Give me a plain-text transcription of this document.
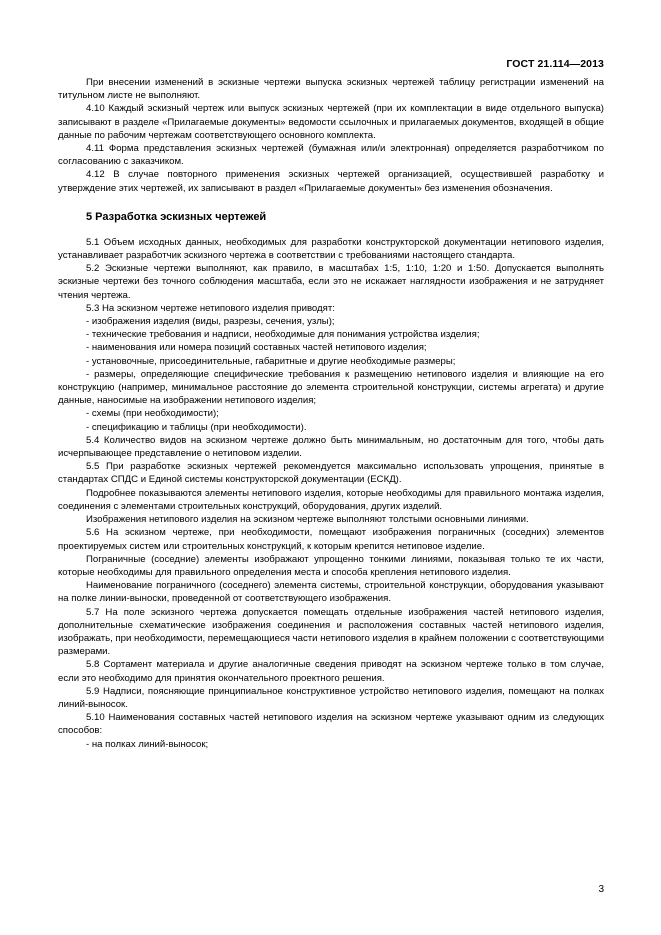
ГОСТ 21.114—2013

При внесении изменений в эскизные чертежи выпуска эскизных чертежей таблицу регистрации изменений на титульном листе не выполняют.

4.10 Каждый эскизный чертеж или выпуск эскизных чертежей (при их комплектации в виде отдельного выпуска) записывают в разделе «Прилагаемые документы» ведомости ссылочных и прилагаемых документов, входящей в общие данные по рабочим чертежам соответствующего основного комплекта.

4.11 Форма представления эскизных чертежей (бумажная или/и электронная) определяется разработчиком по согласованию с заказчиком.

4.12 В случае повторного применения эскизных чертежей организацией, осуществившей разработку и утверждение этих чертежей, их записывают в раздел «Прилагаемые документы» без изменения обозначения.

5 Разработка эскизных чертежей

5.1 Объем исходных данных, необходимых для разработки конструкторской документации нетипового изделия, устанавливает разработчик эскизного чертежа в соответствии с требованиями настоящего стандарта.

5.2 Эскизные чертежи выполняют, как правило, в масштабах 1:5, 1:10, 1:20 и 1:50. Допускается выполнять эскизные чертежи без точного соблюдения масштаба, если это не искажает наглядности изображения и не затрудняет чтения чертежа.

5.3 На эскизном чертеже нетипового изделия приводят:

- изображения изделия (виды, разрезы, сечения, узлы);

- технические требования и надписи, необходимые для понимания устройства изделия;

- наименования или номера позиций составных частей нетипового изделия;

- установочные, присоединительные, габаритные и другие необходимые размеры;

- размеры, определяющие специфические требования к размещению нетипового изделия и влияющие на его конструкцию (например, минимальное расстояние до элемента строительной конструкции, системы агрегата) и другие данные, наносимые на изображении нетипового изделия;

- схемы (при необходимости);

- спецификацию и таблицы (при необходимости).

5.4 Количество видов на эскизном чертеже должно быть минимальным, но достаточным для того, чтобы дать исчерпывающее представление о нетиповом изделии.

5.5 При разработке эскизных чертежей рекомендуется максимально использовать упрощения, принятые в стандартах СПДС и Единой системы конструкторской документации (ЕСКД).

Подробнее показываются элементы нетипового изделия, которые необходимы для правильного монтажа изделия, соединения с элементами строительных конструкций, оборудования, других изделий.

Изображения нетипового изделия на эскизном чертеже выполняют толстыми основными линиями.

5.6 На эскизном чертеже, при необходимости, помещают изображения пограничных (соседних) элементов проектируемых систем или строительных конструкций, к которым крепится нетиповое изделие.

Пограничные (соседние) элементы изображают упрощенно тонкими линиями, показывая только те их части, которые необходимы для правильного определения места и способа крепления нетипового изделия.

Наименование пограничного (соседнего) элемента системы, строительной конструкции, оборудования указывают на полке линии-выноски, проведенной от соответствующего изображения.

5.7 На поле эскизного чертежа допускается помещать отдельные изображения частей нетипового изделия, дополнительные схематические изображения соединения и расположения составных частей нетипового изделия, изображать, при необходимости, перемещающиеся части нетипового изделия в крайнем положении с соответствующими размерами.

5.8 Сортамент материала и другие аналогичные сведения приводят на эскизном чертеже только в том случае, если это необходимо для принятия окончательного проектного решения.

5.9 Надписи, поясняющие принципиальное конструктивное устройство нетипового изделия, помещают на полках линий-выносок.

5.10 Наименования составных частей нетипового изделия на эскизном чертеже указывают одним из следующих способов:

- на полках линий-выносок;

3
